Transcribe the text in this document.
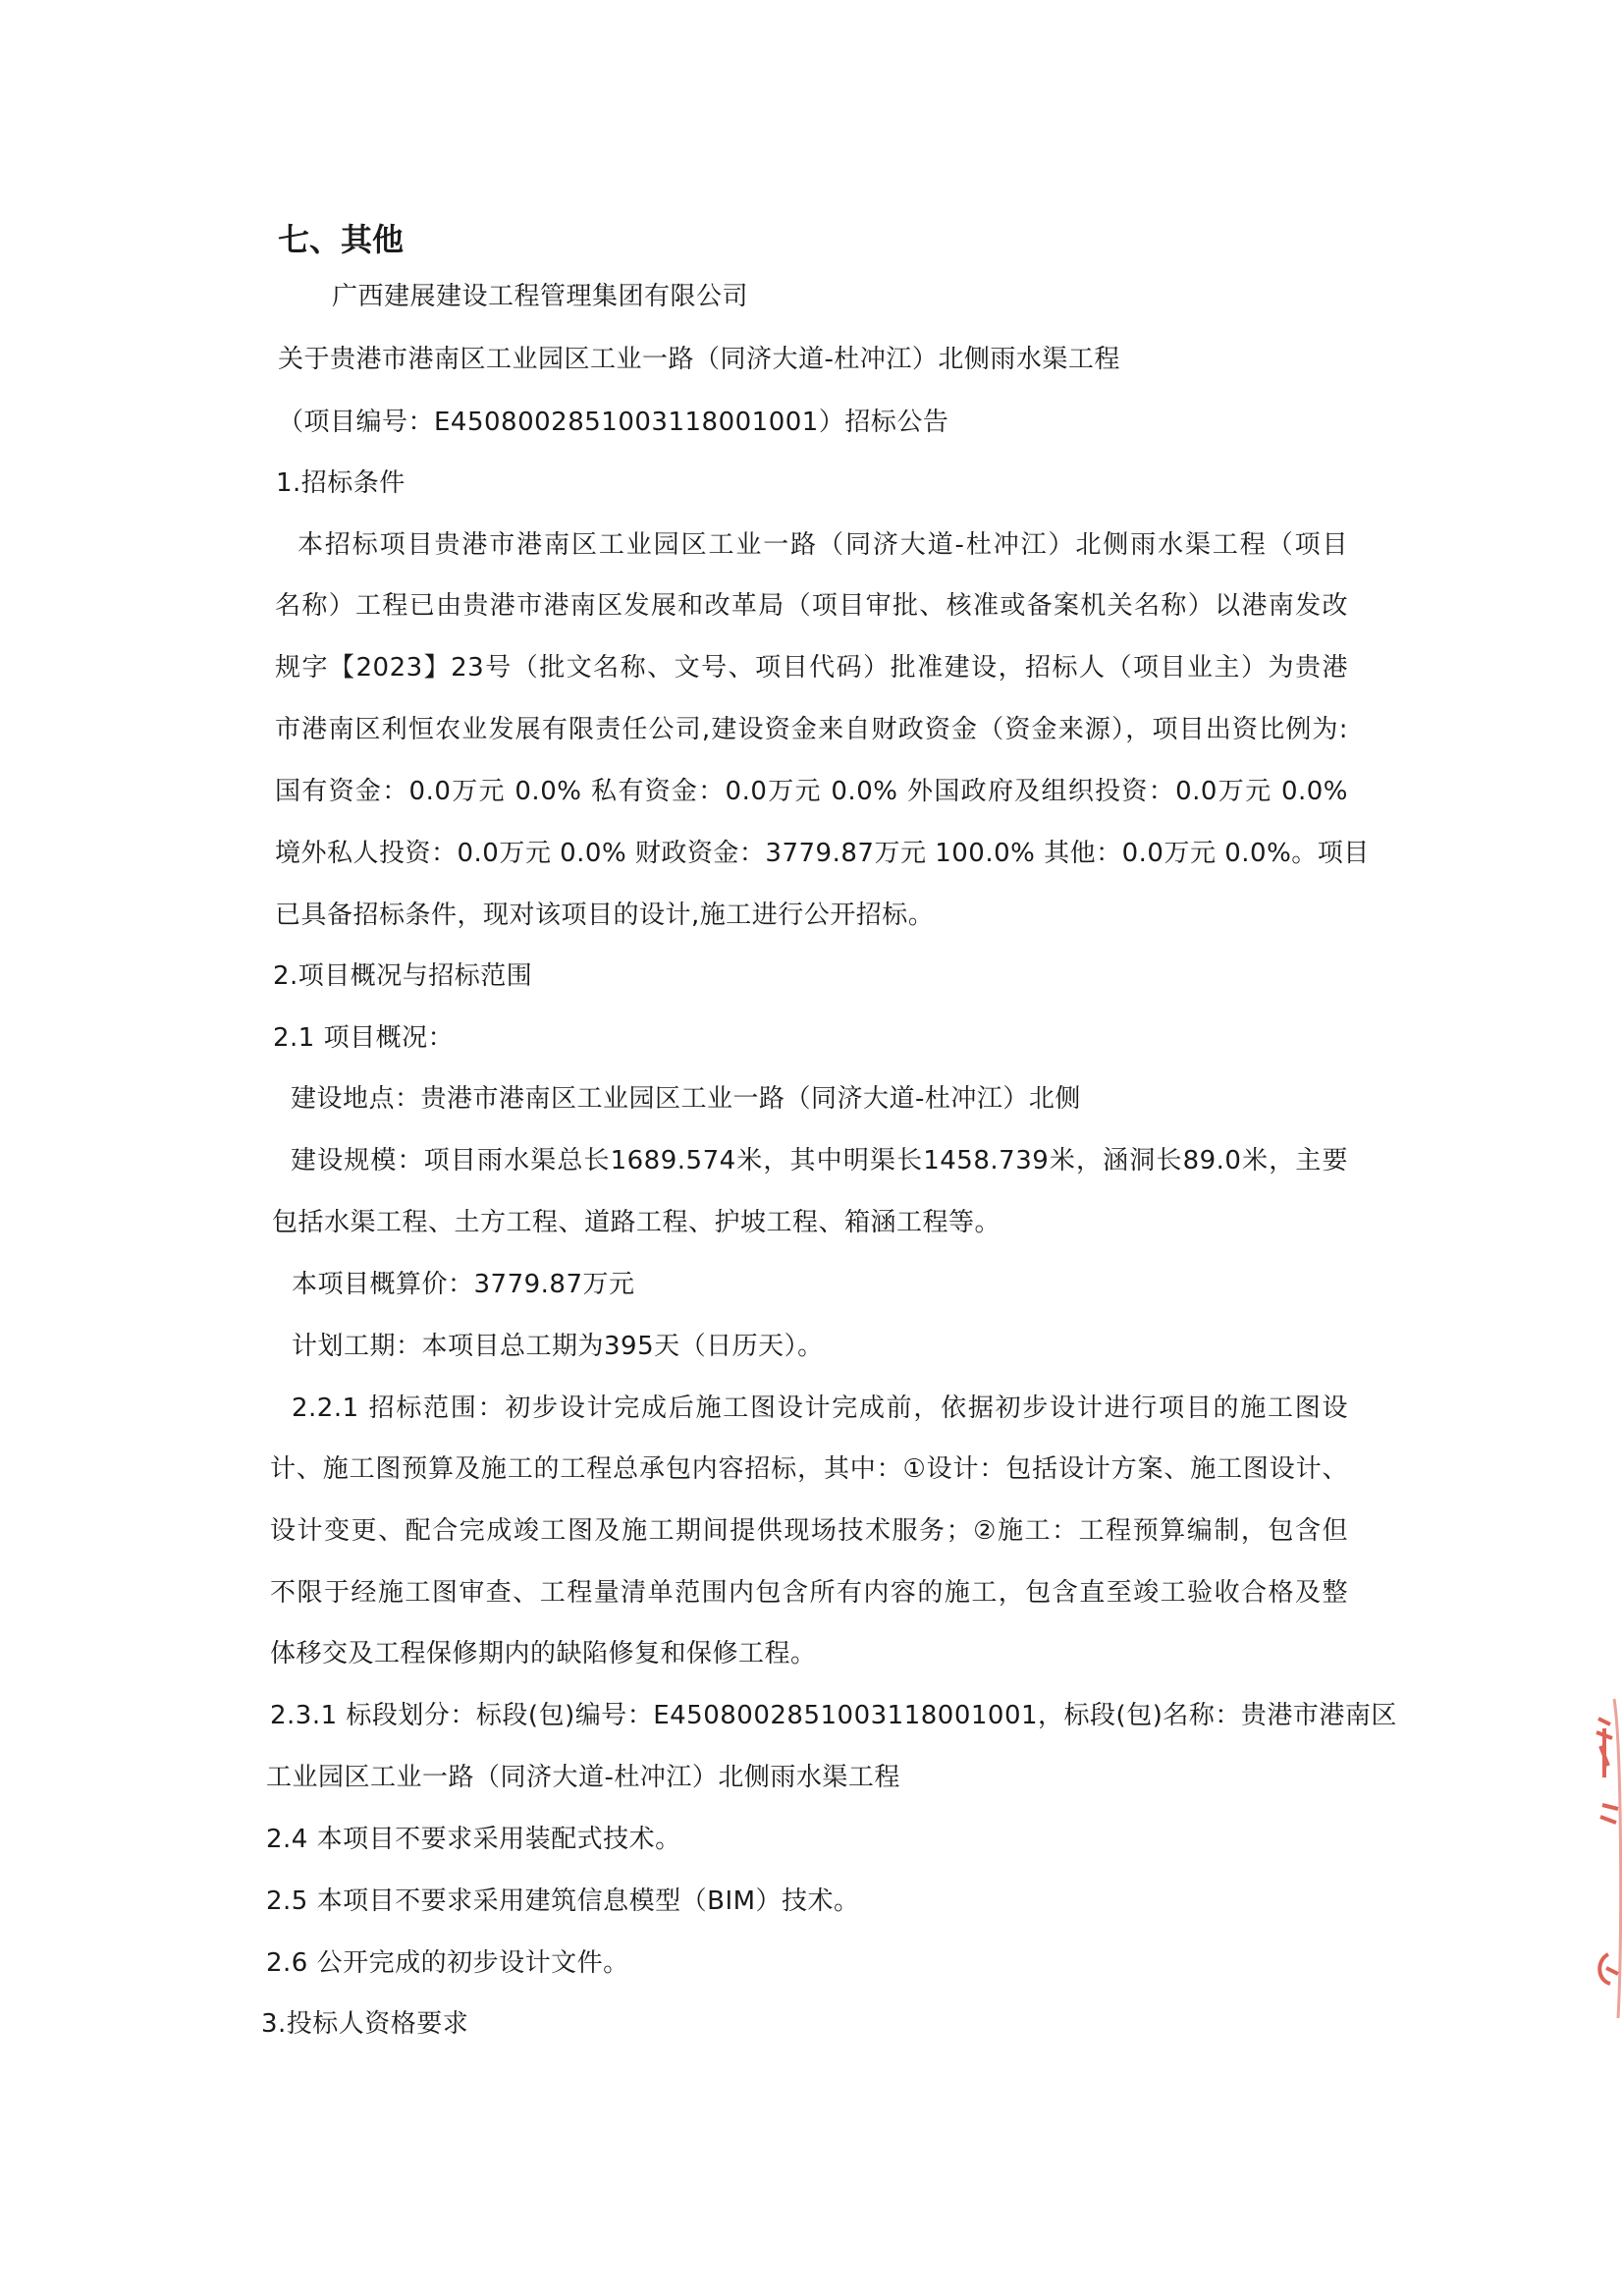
七、其他
广西建展建设工程管理集团有限公司
关于贵港市港南区工业园区工业一路（同济大道-杜冲江）北侧雨水渠工程
（项目编号：E4508002851003118001001）招标公告
1.招标条件
本招标项目贵港市港南区工业园区工业一路（同济大道-杜冲江）北侧雨水渠工程（项目
名称）工程已由贵港市港南区发展和改革局（项目审批、核准或备案机关名称）以港南发改
规字【2023】23号（批文名称、文号、项目代码）批准建设，招标人（项目业主）为贵港
市港南区利恒农业发展有限责任公司,建设资金来自财政资金（资金来源），项目出资比例为:
国有资金：0.0万元 0.0% 私有资金：0.0万元 0.0% 外国政府及组织投资：0.0万元 0.0%
境外私人投资：0.0万元 0.0% 财政资金：3779.87万元 100.0% 其他：0.0万元 0.0%。项目
已具备招标条件，现对该项目的设计,施工进行公开招标。
2.项目概况与招标范围
2.1 项目概况：
建设地点：贵港市港南区工业园区工业一路（同济大道-杜冲江）北侧
建设规模：项目雨水渠总长1689.574米，其中明渠长1458.739米，涵洞长89.0米，主要
包括水渠工程、土方工程、道路工程、护坡工程、箱涵工程等。
本项目概算价：3779.87万元
计划工期：本项目总工期为395天（日历天）。
2.2.1 招标范围：初步设计完成后施工图设计完成前，依据初步设计进行项目的施工图设
计、施工图预算及施工的工程总承包内容招标，其中：①设计：包括设计方案、施工图设计、
设计变更、配合完成竣工图及施工期间提供现场技术服务；②施工：工程预算编制，包含但
不限于经施工图审查、工程量清单范围内包含所有内容的施工，包含直至竣工验收合格及整
体移交及工程保修期内的缺陷修复和保修工程。
2.3.1 标段划分：标段(包)编号：E4508002851003118001001，标段(包)名称：贵港市港南区
工业园区工业一路（同济大道-杜冲江）北侧雨水渠工程
2.4 本项目不要求采用装配式技术。
2.5 本项目不要求采用建筑信息模型（BIM）技术。
2.6 公开完成的初步设计文件。
3.投标人资格要求
